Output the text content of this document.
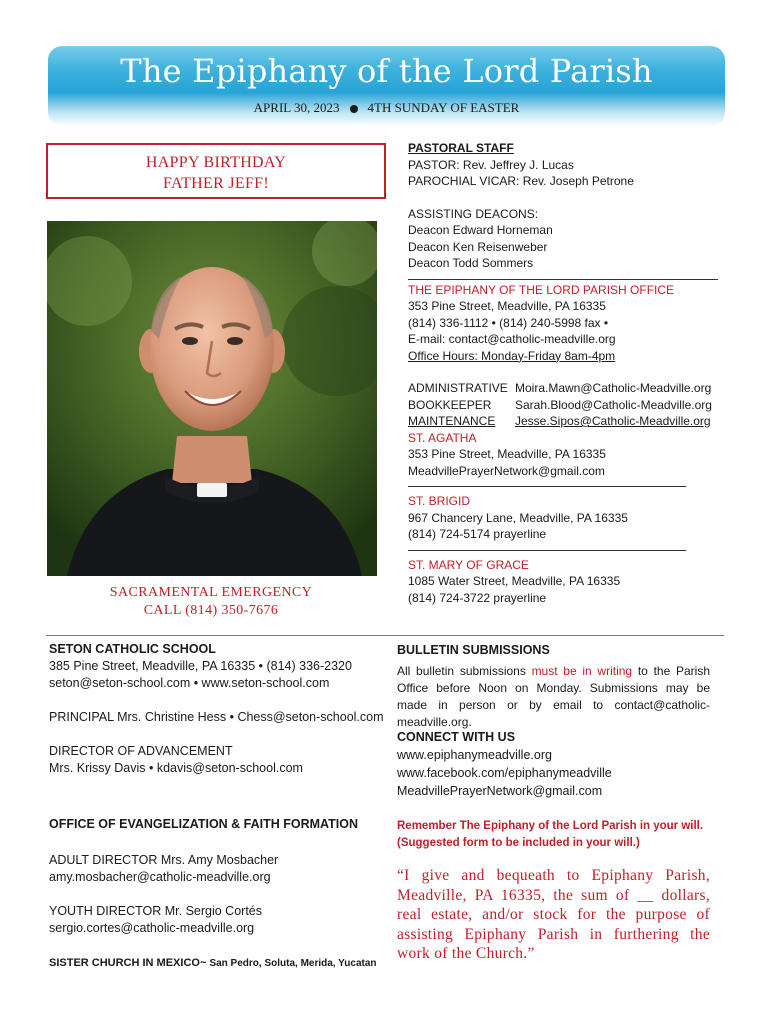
The Epiphany of the Lord Parish
APRIL 30, 2023 4TH SUNDAY OF EASTER
HAPPY BIRTHDAY
FATHER JEFF!
SACRAMENTAL EMERGENCY
CALL (814) 350-7676
PASTORAL STAFF
PASTOR: Rev. Jeffrey J. Lucas
PAROCHIAL VICAR: Rev. Joseph Petrone
ASSISTING DEACONS:
Deacon Edward Horneman
Deacon Ken Reisenweber
Deacon Todd Sommers
THE EPIPHANY OF THE LORD PARISH OFFICE
353 Pine Street, Meadville, PA 16335
(814) 336-1112 • (814) 240-5998 fax •
E-mail: contact@catholic-meadville.org
Office Hours: Monday-Friday 8am-4pm
ADMINISTRATIVE Moira.Mawn@Catholic-Meadville.org
BOOKKEEPER	Sarah.Blood@Catholic-Meadville.org
MAINTENANCE	Jesse.Sipos@Catholic-Meadville.org
ST. AGATHA
353 Pine Street, Meadville, PA 16335
MeadvillePrayerNetwork@gmail.com
ST. BRIGID
967 Chancery Lane, Meadville, PA 16335
(814) 724-5174 prayerline
ST. MARY OF GRACE
1085 Water Street, Meadville, PA 16335
(814) 724-3722 prayerline
SETON CATHOLIC SCHOOL
385 Pine Street, Meadville, PA 16335 • (814) 336-2320
seton@seton-school.com • www.seton-school.com
PRINCIPAL Mrs. Christine Hess • Chess@seton-school.com
DIRECTOR OF ADVANCEMENT
Mrs. Krissy Davis • kdavis@seton-school.com
OFFICE OF EVANGELIZATION & FAITH FORMATION
ADULT DIRECTOR Mrs. Amy Mosbacher
amy.mosbacher@catholic-meadville.org
YOUTH DIRECTOR Mr. Sergio Cortés
sergio.cortes@catholic-meadville.org
SISTER CHURCH IN MEXICO~ San Pedro, Soluta, Merida, Yucatan
BULLETIN SUBMISSIONS
All bulletin submissions must be in writing to the Parish Office before Noon on Monday. Submissions may be made in person or by email to contact@catholic-meadville.org.
CONNECT WITH US
www.epiphanymeadville.org
www.facebook.com/epiphanymeadville
MeadvillePrayerNetwork@gmail.com
Remember The Epiphany of the Lord Parish in your will.
(Suggested form to be included in your will.)
“I give and bequeath to Epiphany Parish, Meadville, PA 16335, the sum of __ dollars, real estate, and/or stock for the purpose of assisting Epiphany Parish in furthering the work of the Church.”
